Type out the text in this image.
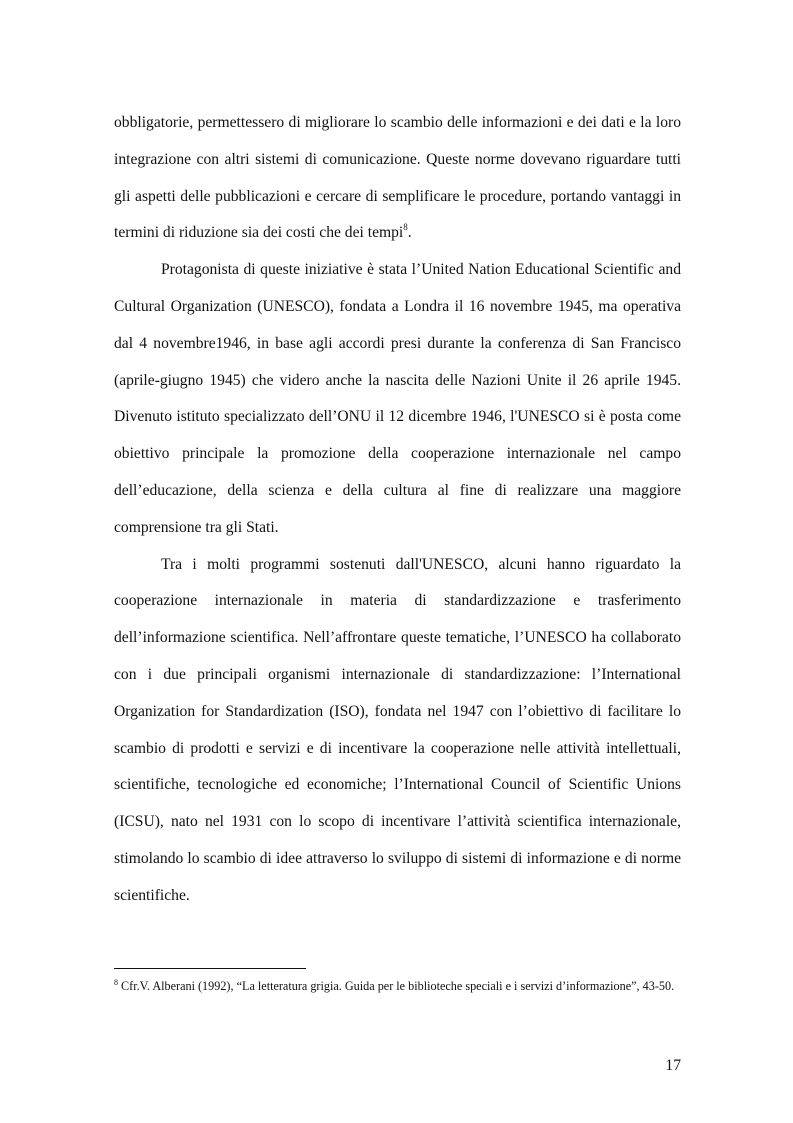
obbligatorie, permettessero di migliorare lo scambio delle informazioni e dei dati e la loro integrazione con altri sistemi di comunicazione. Queste norme dovevano riguardare tutti gli aspetti delle pubblicazioni e cercare di semplificare le procedure, portando vantaggi in termini di riduzione sia dei costi che dei tempi$^8$.

Protagonista di queste iniziative è stata l’United Nation Educational Scientific and Cultural Organization (UNESCO), fondata a Londra il 16 novembre 1945, ma operativa dal 4 novembre1946, in base agli accordi presi durante la conferenza di San Francisco (aprile-giugno 1945) che videro anche la nascita delle Nazioni Unite il 26 aprile 1945. Divenuto istituto specializzato dell’ONU il 12 dicembre 1946, l'UNESCO si è posta come obiettivo principale la promozione della cooperazione internazionale nel campo dell’educazione, della scienza e della cultura al fine di realizzare una maggiore comprensione tra gli Stati.

Tra i molti programmi sostenuti dall'UNESCO, alcuni hanno riguardato la cooperazione internazionale in materia di standardizzazione e trasferimento dell’informazione scientifica. Nell’affrontare queste tematiche, l’UNESCO ha collaborato con i due principali organismi internazionale di standardizzazione: l’International Organization for Standardization (ISO), fondata nel 1947 con l’obiettivo di facilitare lo scambio di prodotti e servizi e di incentivare la cooperazione nelle attività intellettuali, scientifiche, tecnologiche ed economiche; l’International Council of Scientific Unions (ICSU), nato nel 1931 con lo scopo di incentivare l’attività scientifica internazionale, stimolando lo scambio di idee attraverso lo sviluppo di sistemi di informazione e di norme scientifiche.

$^8$ Cfr.V. Alberani (1992), “La letteratura grigia. Guida per le biblioteche speciali e i servizi d’informazione”, 43-50.
17
